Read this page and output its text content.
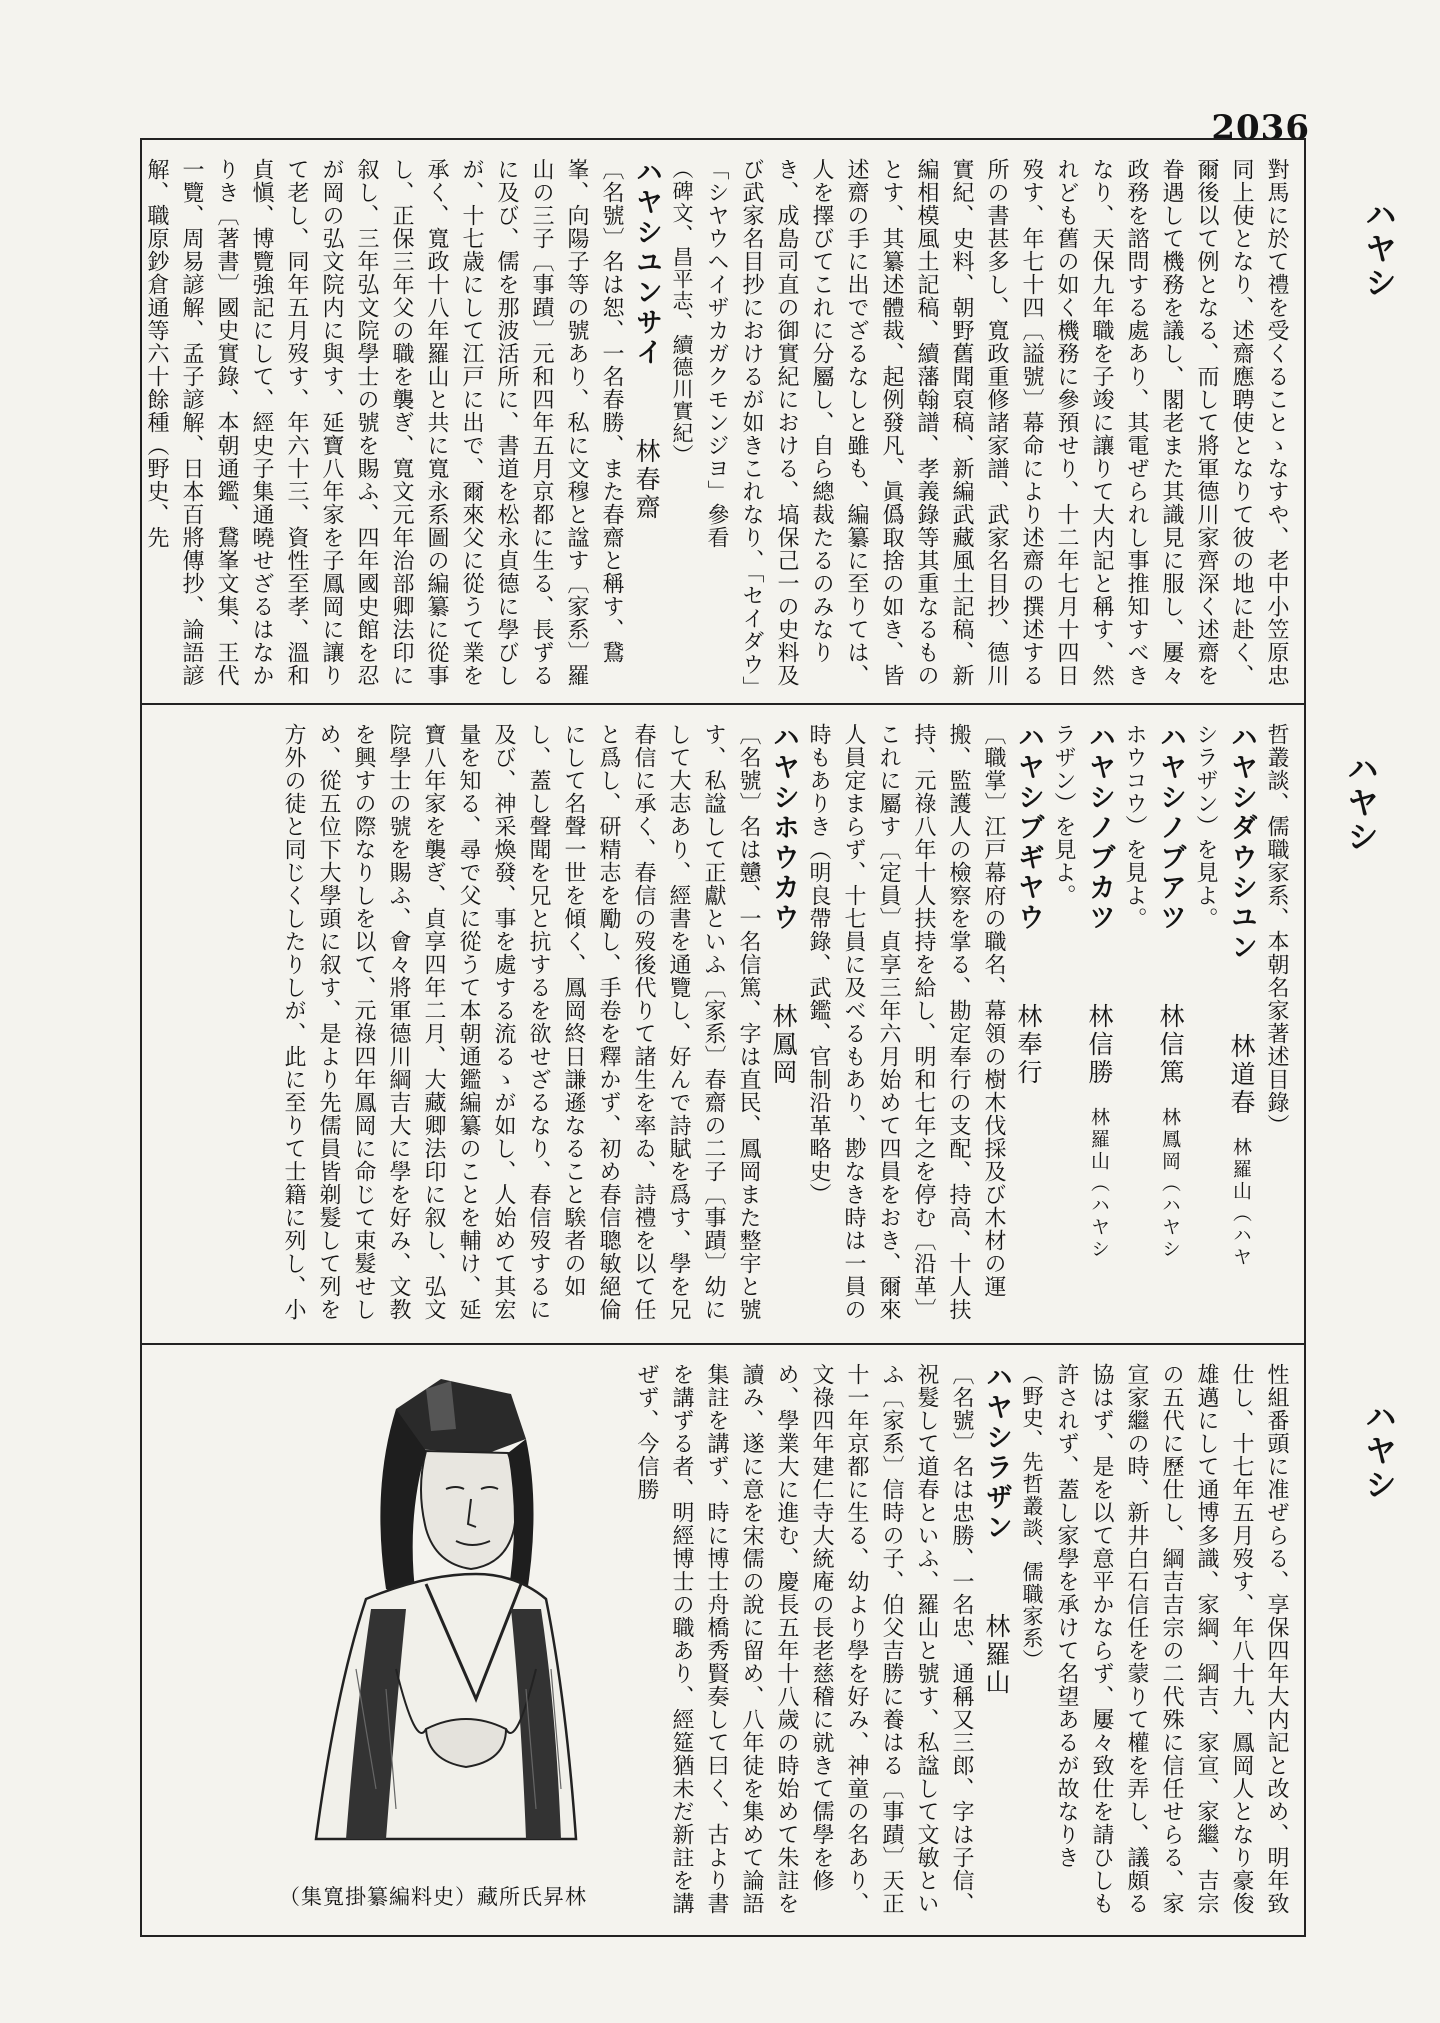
2036
對馬に於て禮を受くることゝなすや、老中小笠原忠同上使となり、述齋應聘使となりて彼の地に赴く、爾後以て例となる、而して將軍德川家齊深く述齋を眷遇して機務を議し、閣老また其識見に服し、屢々政務を諮問する處あり、其電ぜられし事推知すべきなり、天保九年職を子竣に讓りて大内記と稱す、然れども舊の如く機務に參預せり、十二年七月十四日歿す、年七十四〔謚號〕幕命により述齋の撰述する所の書甚多し、寬政重修諸家譜、武家名目抄、德川實紀、史料、朝野舊聞裒稿、新編武藏風土記稿、新編相模風土記稿、續藩翰譜、孝義錄等其重なるものとす、其纂述體裁、起例發凡、眞僞取捨の如き、皆述齋の手に出でざるなしと雖も、編纂に至りては、人を擇びてこれに分屬し、自ら總裁たるのみなりき、成島司直の御實紀における、塙保己一の史料及び武家名目抄におけるが如きこれなり、「セイダウ」「シヤウヘイザカガクモンジヨ」參看
（碑文、昌平志、續德川實紀）
ハヤシユンサイ林春齋
〔名號〕名は恕、一名春勝、また春齋と稱す、鵞峯、向陽子等の號あり、私に文穆と諡す〔家系〕羅山の三子〔事蹟〕元和四年五月京都に生る、長ずるに及び、儒を那波活所に、書道を松永貞德に學びしが、十七歳にして江戸に出で、爾來父に從うて業を承く、寬政十八年羅山と共に寬永系圖の編纂に從事し、正保三年父の職を襲ぎ、寬文元年治部卿法印に叙し、三年弘文院學士の號を賜ふ、四年國史館を忍が岡の弘文院内に與す、延寶八年家を子鳳岡に讓りて老し、同年五月歿す、年六十三、資性至孝、溫和貞愼、博覽強記にして、經史子集通曉せざるはなかりき〔著書〕國史實錄、本朝通鑑、鵞峯文集、王代一覽、周易諺解、孟子諺解、日本百將傳抄、論語諺解、職原鈔倉通等六十餘種（野史、先
哲叢談、儒職家系、本朝名家著述目錄）
ハヤシダウシユン林道春林羅山（ハヤ
シラザン）を見よ。
ハヤシノブアツ林信篤林鳳岡（ハヤシ
ホウコウ）を見よ。
ハヤシノブカツ林信勝林羅山（ハヤシ
ラザン）を見よ。
ハヤシブギヤウ林奉行
〔職掌〕江戸幕府の職名、幕領の樹木伐採及び木材の運搬、監護人の檢察を掌る、勘定奉行の支配、持高、十人扶持、元祿八年十人扶持を給し、明和七年之を停む〔沿革〕これに屬す〔定員〕貞享三年六月始めて四員をおき、爾來人員定まらず、十七員に及べるもあり、尠なき時は一員の時もありき（明良帶錄、武鑑、官制沿革略史）
ハヤシホウカウ林鳳岡
〔名號〕名は戇、一名信篤、字は直民、鳳岡また整宇と號す、私諡して正獻といふ〔家系〕春齋の二子〔事蹟〕幼にして大志あり、經書を通覽し、好んで詩賦を爲す、學を兄春信に承く、春信の歿後代りて諸生を率ゐ、詩禮を以て任と爲し、研精志を勵し、手卷を釋かず、初め春信聰敏絕倫にして名聲一世を傾く、鳳岡終日謙遜なること騃者の如し、蓋し聲聞を兄と抗するを欲せざるなり、春信歿するに及び、神采煥發、事を處する流るゝが如し、人始めて其宏量を知る、尋で父に從うて本朝通鑑編纂のことを輔け、延寶八年家を襲ぎ、貞享四年二月、大藏卿法印に叙し、弘文院學士の號を賜ふ、會々將軍德川綱吉大に學を好み、文教を興すの際なりしを以て、元祿四年鳳岡に命じて束髮せしめ、從五位下大學頭に叙す、是より先儒員皆剃髮して列を方外の徒と同じくしたりしが、此に至りて士籍に列し、小
性組番頭に准ぜらる、享保四年大内記と改め、明年致仕し、十七年五月歿す、年八十九、鳳岡人となり豪俊雄邁にして通博多識、家綱、綱吉、家宣、家繼、吉宗の五代に歷仕し、綱吉吉宗の二代殊に信任せらる、家宣家繼の時、新井白石信任を蒙りて權を弄し、議頗る協はず、是を以て意平かならず、屢々致仕を請ひしも許されず、蓋し家學を承けて名望あるが故なりき
（野史、先哲叢談、儒職家系）
ハヤシラザン林羅山
〔名號〕名は忠勝、一名忠、通稱又三郎、字は子信、祝髮して道春といふ、羅山と號す、私諡して文敏といふ〔家系〕信時の子、伯父吉勝に養はる〔事蹟〕天正十一年京都に生る、幼より學を好み、神童の名あり、文祿四年建仁寺大統庵の長老慈稽に就きて儒學を修め、學業大に進む、慶長五年十八歲の時始めて朱註を讀み、遂に意を宋儒の說に留め、八年徒を集めて論語集註を講ず、時に博士舟橋秀賢奏して曰く、古より書を講ずる者、明經博士の職あり、經筵猶未だ新註を講ぜず、今信勝
（集寬掛纂編料史）藏所氏昇林
ハヤシ
ハヤシ
ハヤシ
